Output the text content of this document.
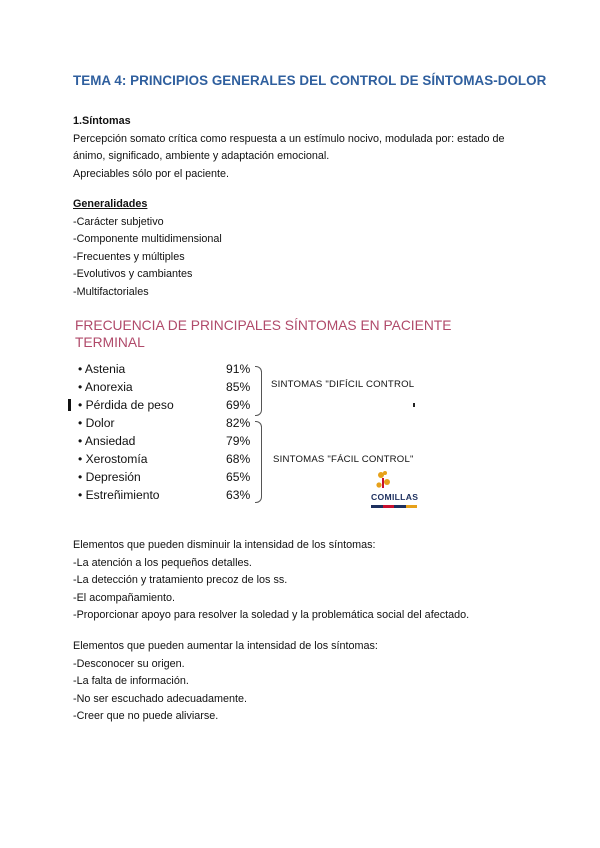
TEMA 4: PRINCIPIOS GENERALES DEL CONTROL DE SÍNTOMAS-DOLOR
1.Síntomas
Percepción somato crítica como respuesta a un estímulo nocivo, modulada por: estado de ánimo, significado, ambiente y adaptación emocional.
Apreciables sólo por el paciente.
Generalidades
-Carácter subjetivo
-Componente multidimensional
-Frecuentes y múltiples
-Evolutivos y cambiantes
-Multifactoriales
FRECUENCIA DE PRINCIPALES SÍNTOMAS EN PACIENTE
TERMINAL
• Astenia	91%
• Anorexia	85%
• Pérdida de peso	69%
• Dolor	82%
• Ansiedad	79%
• Xerostomía	68%
• Depresión	65%
• Estreñimiento	63%
SINTOMAS "DIFÍCIL CONTROL
SINTOMAS "FÁCIL CONTROL"
COMILLAS
Elementos que pueden disminuir la intensidad de los síntomas:
-La atención a los pequeños detalles.
-La detección y tratamiento precoz de los ss.
-El acompañamiento.
-Proporcionar apoyo para resolver la soledad y la problemática social del afectado.
Elementos que pueden aumentar la intensidad de los síntomas:
-Desconocer su origen.
-La falta de información.
-No ser escuchado adecuadamente.
-Creer que no puede aliviarse.
